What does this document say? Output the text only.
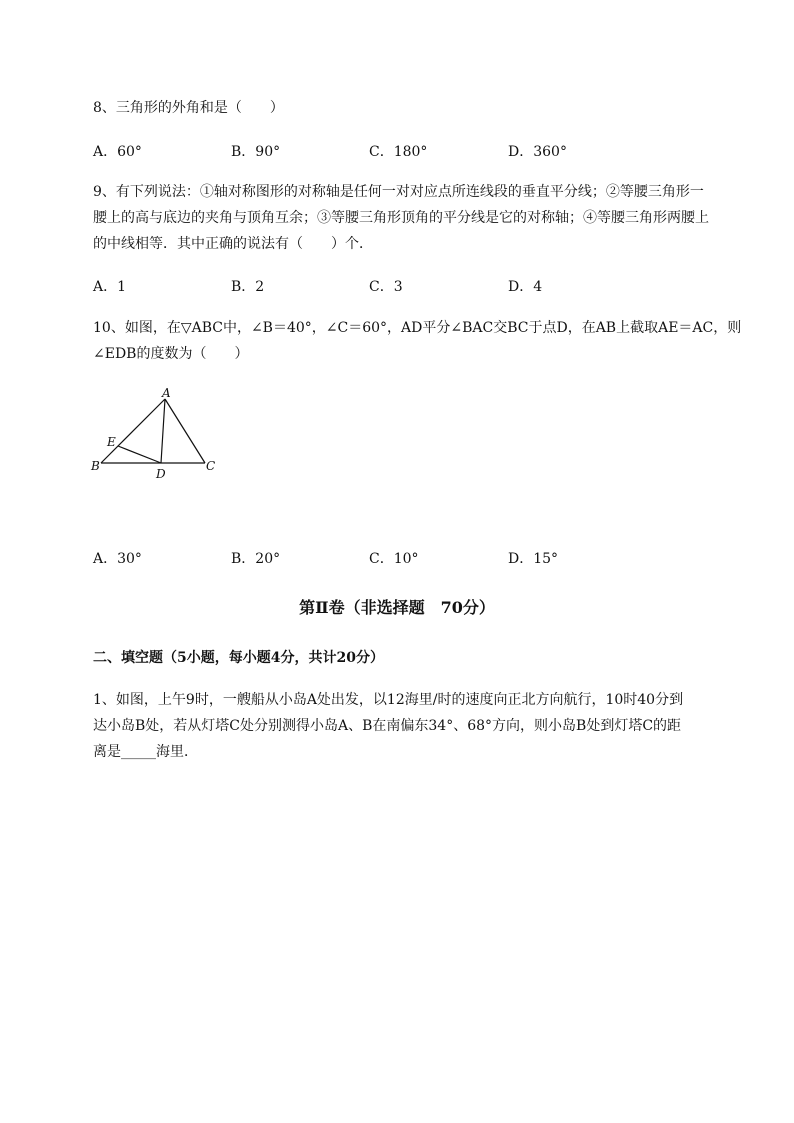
8、三角形的外角和是（　　）
A．60°	B．90°	C．180°	D．360°
9、有下列说法：①轴对称图形的对称轴是任何一对对应点所连线段的垂直平分线；②等腰三角形一
腰上的高与底边的夹角与顶角互余；③等腰三角形顶角的平分线是它的对称轴；④等腰三角形两腰上
的中线相等．其中正确的说法有（　　）个．
A．1	B．2	C．3	D．4
10、如图，在▽ABC中，∠B＝40°，∠C＝60°，AD平分∠BAC交BC于点D，在AB上截取AE＝AC，则
∠EDB的度数为（　　）
A
E
B
D
C
A．30°	B．20°	C．10°	D．15°
第Ⅱ卷（非选择题　70分）
二、填空题（5小题，每小题4分，共计20分）
1、如图，上午9时，一艘船从小岛A处出发，以12海里/时的速度向正北方向航行，10时40分到
达小岛B处，若从灯塔C处分别测得小岛A、B在南偏东34°、68°方向，则小岛B处到灯塔C的距
离是_____海里．
